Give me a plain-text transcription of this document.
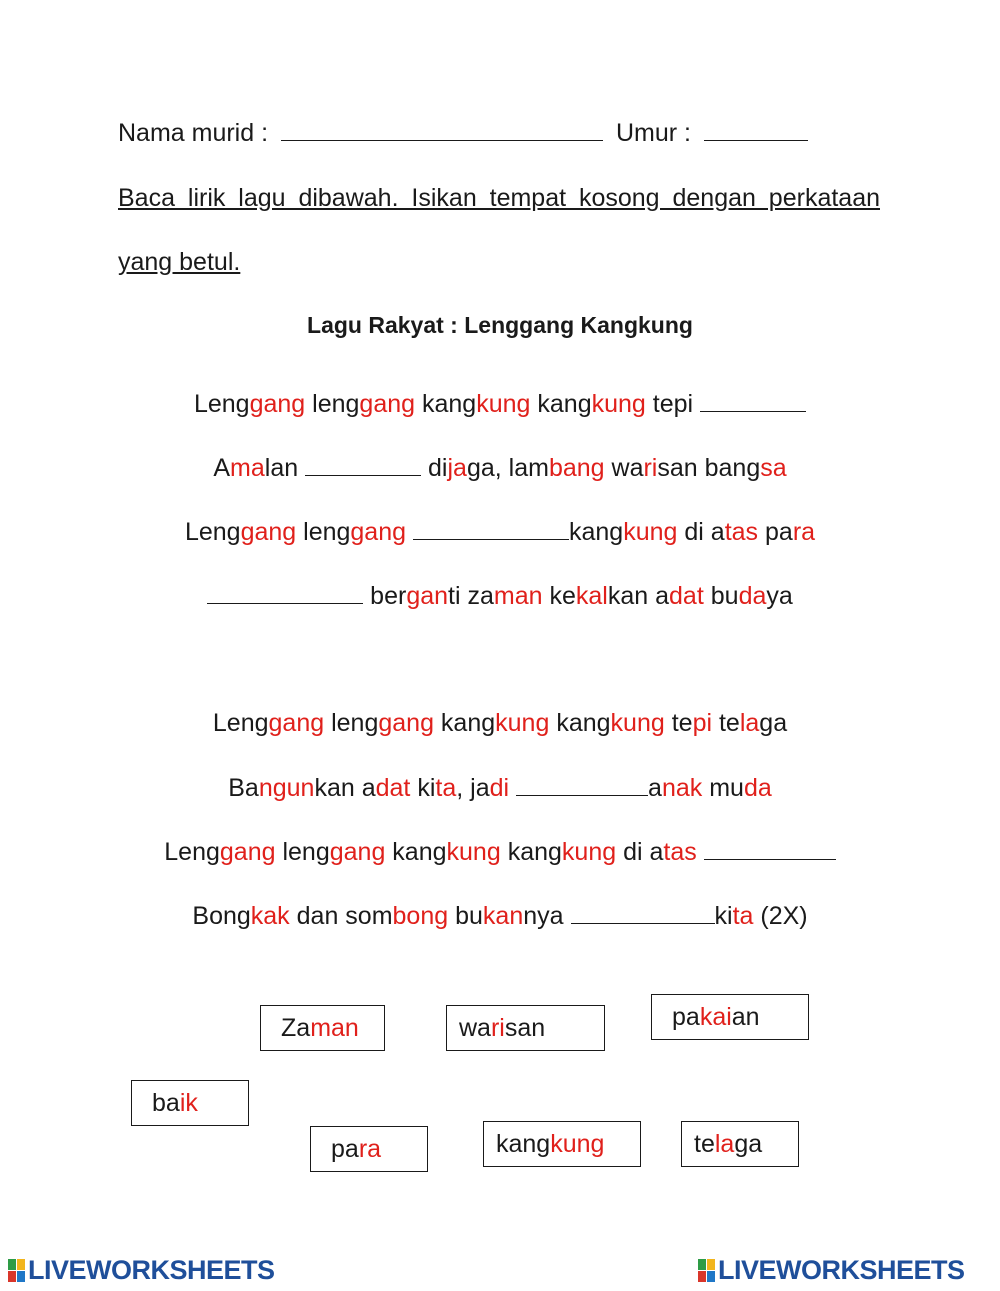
Nama murid :	Umur :
Baca lirik lagu dibawah. Isikan tempat kosong dengan perkataan yang betul.
Lagu Rakyat : Lenggang Kangkung
Lenggang lenggang kangkung kangkung tepi
Amalan	dijaga, lambang warisan bangsa
Lenggang lenggang	kangkung di atas para
berganti zaman kekalkan adat budaya
Lenggang lenggang kangkung kangkung tepi telaga
Bangunkan adat kita, jadi	anak muda
Lenggang lenggang kangkung kangkung di atas
Bongkak dan sombong bukannya	kita (2X)
Za man	wa ri san	pa kai an
ba ik
pa ra	kang kung	te la ga
LIVEWORKSHEETS	LIVEWORKSHEETS
